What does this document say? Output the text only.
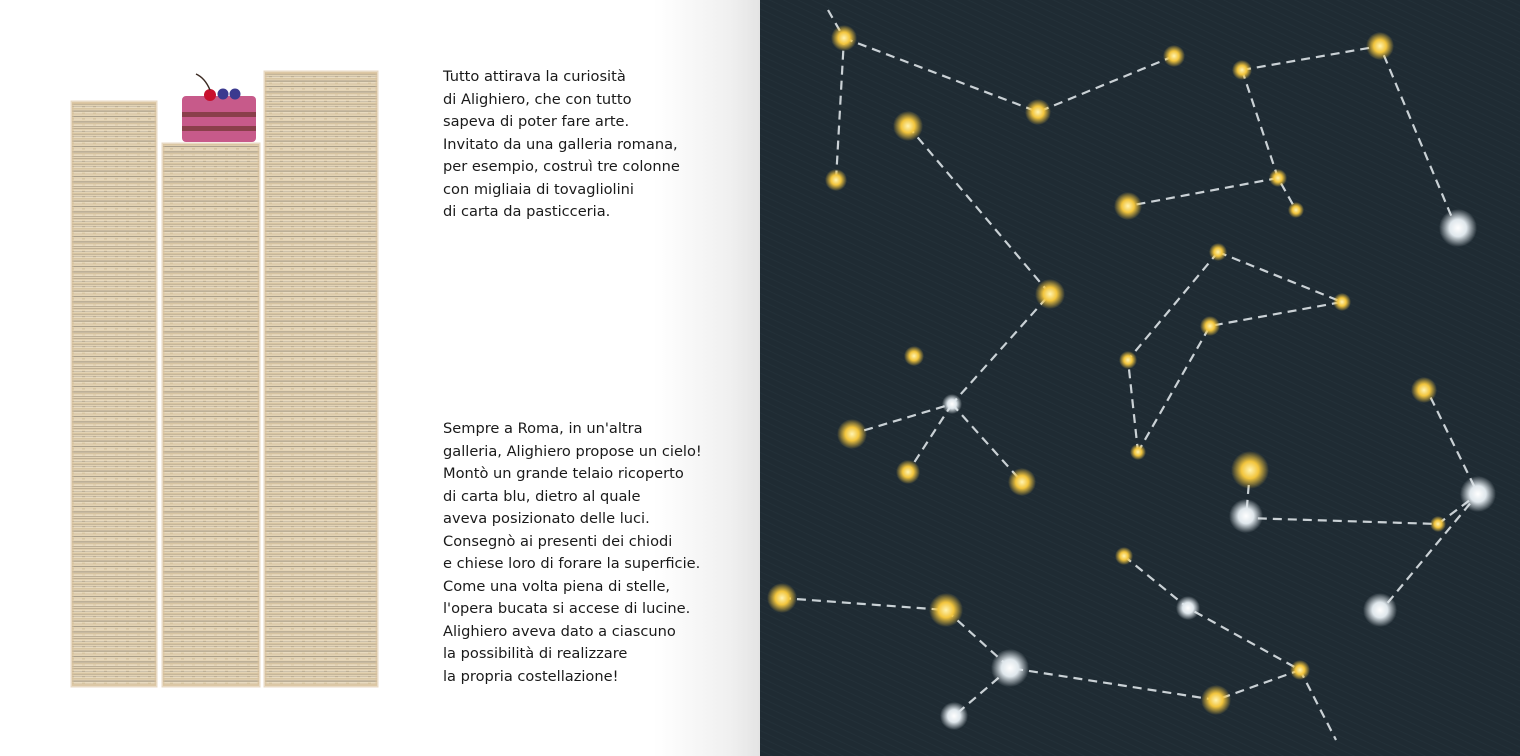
Tutto attirava la curiosità
di Alighiero, che con tutto
sapeva di poter fare arte.
Invitato da una galleria romana,
per esempio, costruì tre colonne
con migliaia di tovagliolini
di carta da pasticceria.

Sempre a Roma, in un'altra
galleria, Alighiero propose un cielo!
Montò un grande telaio ricoperto
di carta blu, dietro al quale
aveva posizionato delle luci.
Consegnò ai presenti dei chiodi
e chiese loro di forare la superficie.
Come una volta piena di stelle,
l'opera bucata si accese di lucine.
Alighiero aveva dato a ciascuno
la possibilità di realizzare
la propria costellazione!
